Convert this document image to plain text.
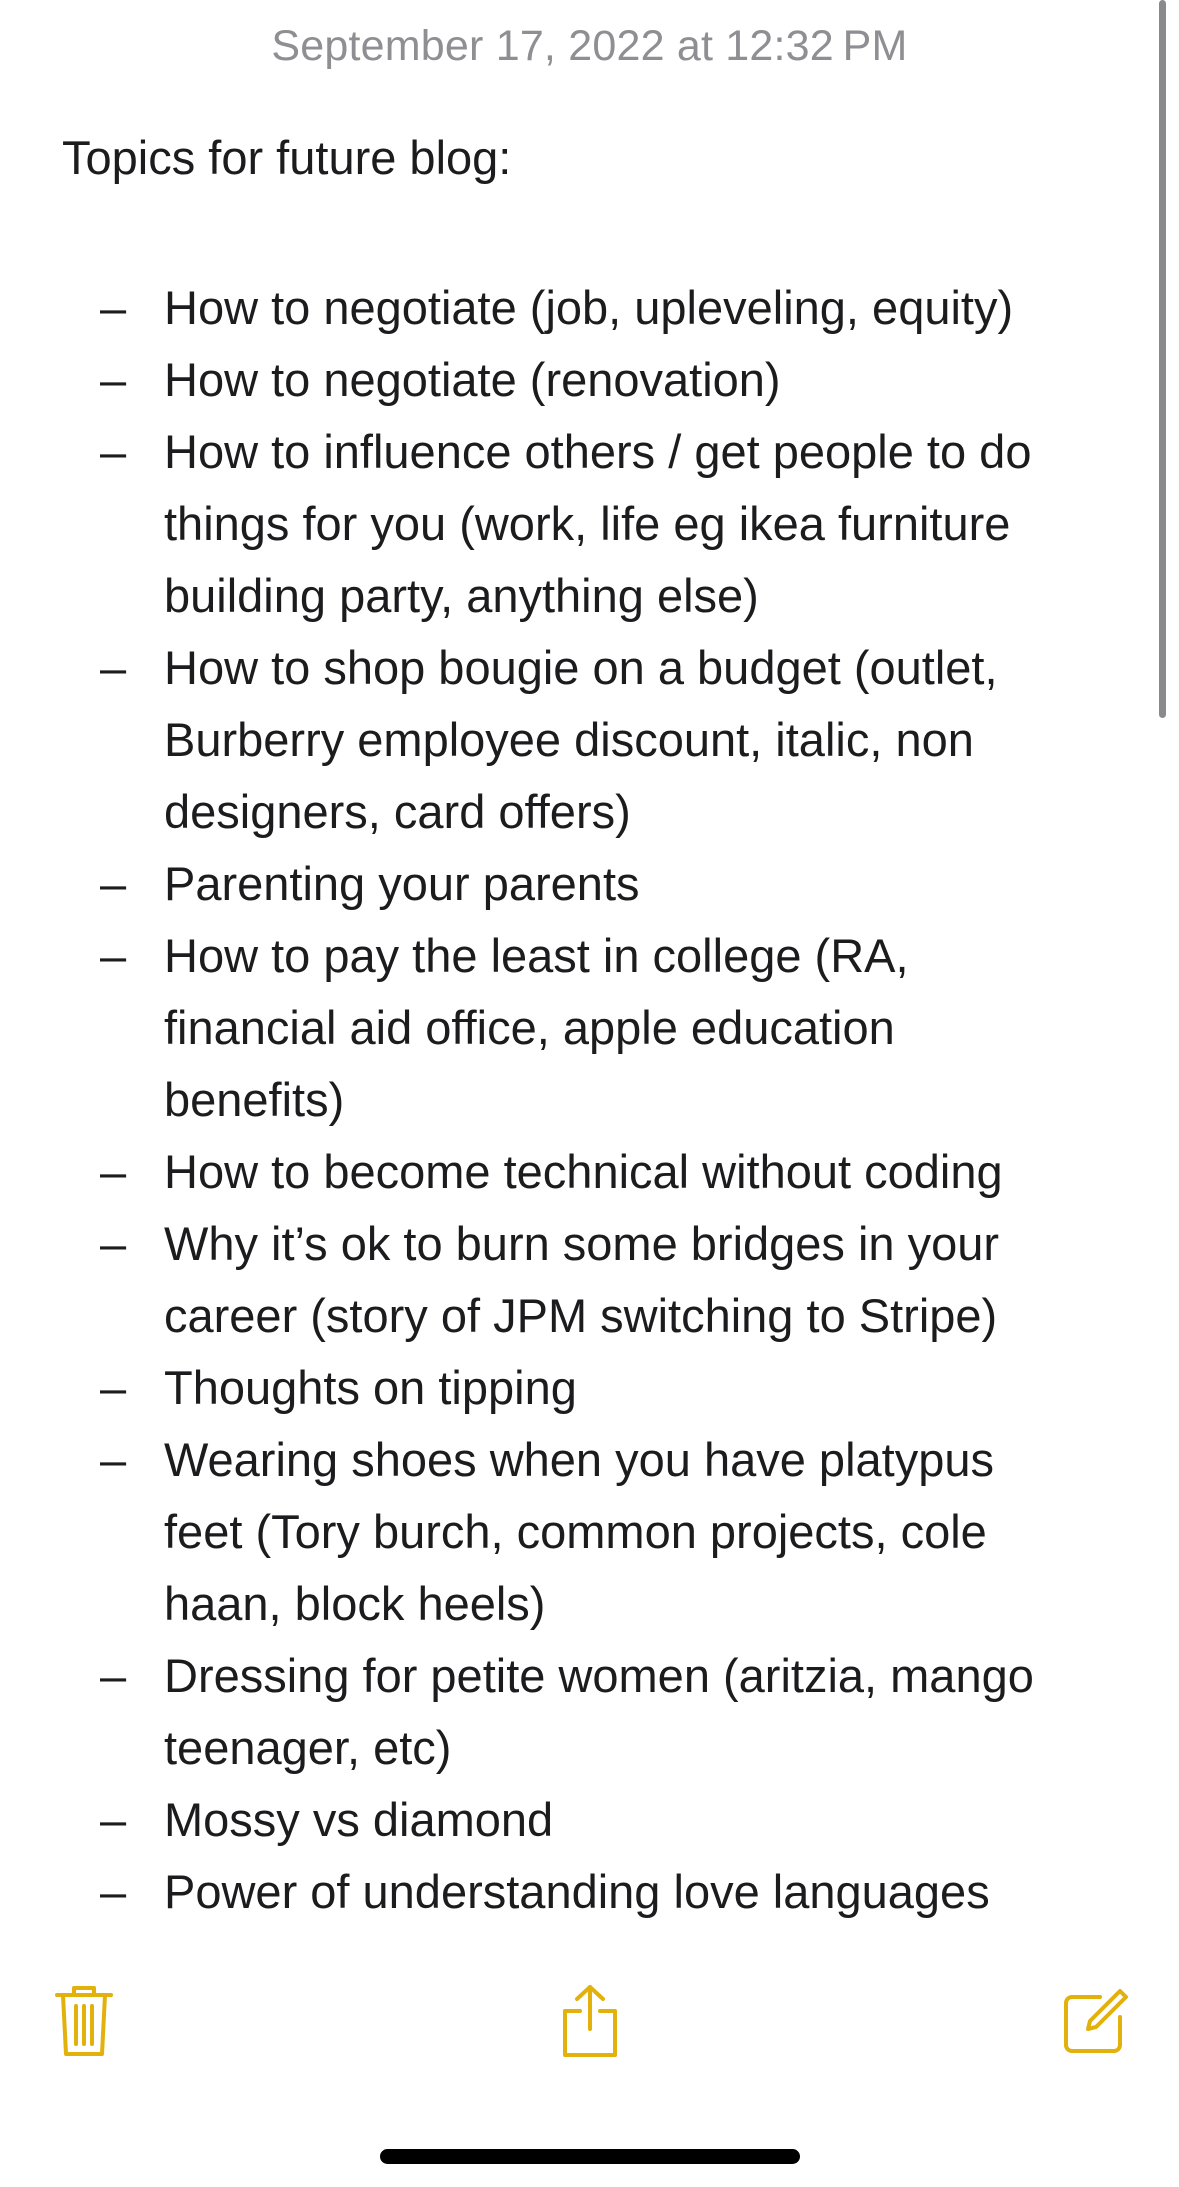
September 17, 2022 at 12:32 PM

Topics for future blog:

– How to negotiate (job, upleveling, equity)
– How to negotiate (renovation)
– How to influence others / get people to do things for you (work, life eg ikea furniture building party, anything else)
– How to shop bougie on a budget (outlet, Burberry employee discount, italic, non designers, card offers)
– Parenting your parents
– How to pay the least in college (RA, financial aid office, apple education benefits)
– How to become technical without coding
– Why it’s ok to burn some bridges in your career (story of JPM switching to Stripe)
– Thoughts on tipping
– Wearing shoes when you have platypus feet (Tory burch, common projects, cole haan, block heels)
– Dressing for petite women (aritzia, mango teenager, etc)
– Mossy vs diamond
– Power of understanding love languages
